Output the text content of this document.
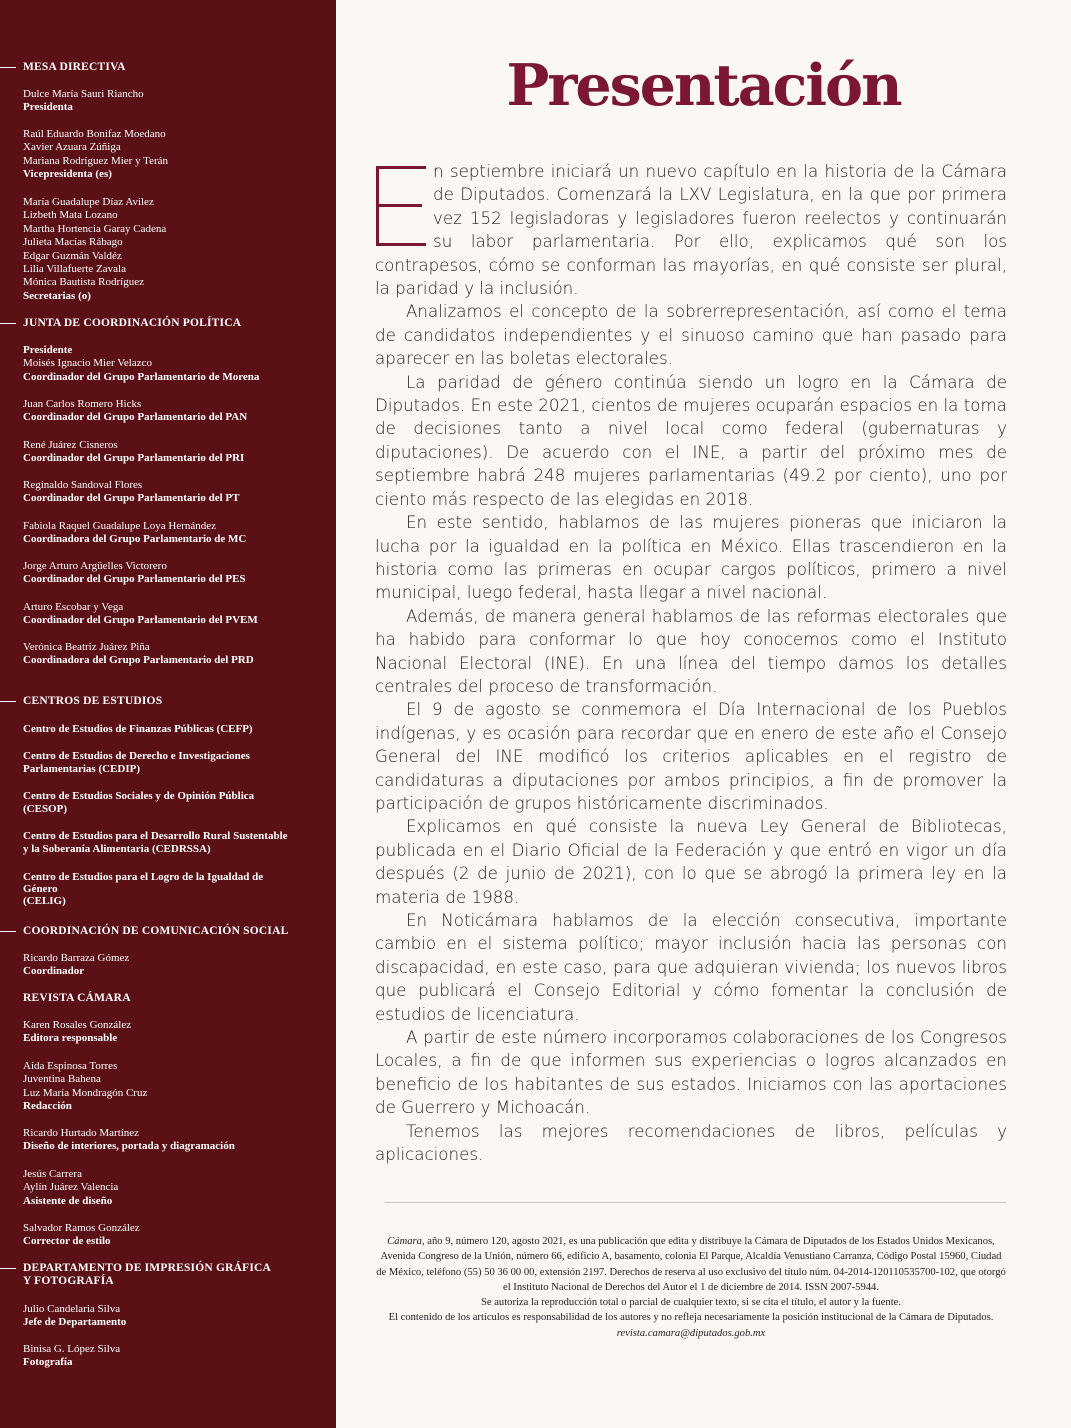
MESA DIRECTIVA
Dulce María Sauri Riancho
Presidenta
Raúl Eduardo Bonifaz Moedano
Xavier Azuara Zúñiga
Mariana Rodríguez Mier y Terán
Vicepresidenta (es)
María Guadalupe Díaz Avilez
Lizbeth Mata Lozano
Martha Hortencia Garay Cadena
Julieta Macías Rábago
Edgar Guzmán Valdéz
Lilia Villafuerte Zavala
Mónica Bautista Rodríguez
Secretarias (o)
JUNTA DE COORDINACIÓN POLÍTICA
Presidente
Moisés Ignacio Mier Velazco
Coordinador del Grupo Parlamentario de Morena
Juan Carlos Romero Hicks
Coordinador del Grupo Parlamentario del PAN
René Juárez Cisneros
Coordinador del Grupo Parlamentario del PRI
Reginaldo Sandoval Flores
Coordinador del Grupo Parlamentario del PT
Fabiola Raquel Guadalupe Loya Hernández
Coordinadora del Grupo Parlamentario de MC
Jorge Arturo Argüelles Victorero
Coordinador del Grupo Parlamentario del PES
Arturo Escobar y Vega
Coordinador del Grupo Parlamentario del PVEM
Verónica Beatriz Juárez Piña
Coordinadora del Grupo Parlamentario del PRD
CENTROS DE ESTUDIOS
Centro de Estudios de Finanzas Públicas (CEFP)
Centro de Estudios de Derecho e Investigaciones
Parlamentarias (CEDIP)
Centro de Estudios Sociales y de Opinión Pública
(CESOP)
Centro de Estudios para el Desarrollo Rural Sustentable
y la Soberanía Alimentaria (CEDRSSA)
Centro de Estudios para el Logro de la Igualdad de
Género
(CELIG)
COORDINACIÓN DE COMUNICACIÓN SOCIAL
Ricardo Barraza Gómez
Coordinador
REVISTA CÁMARA
Karen Rosales González
Editora responsable
Aída Espinosa Torres
Juventina Bahena
Luz María Mondragón Cruz
Redacción
Ricardo Hurtado Martínez
Diseño de interiores, portada y diagramación
Jesús Carrera
Aylín Juárez Valencia
Asistente de diseño
Salvador Ramos González
Corrector de estilo
DEPARTAMENTO DE IMPRESIÓN GRÁFICA
Y FOTOGRAFÍA
Julio Candelaria Silva
Jefe de Departamento
Binisa G. López Silva
Fotografía
Presentación

n septiembre iniciará un nuevo capítulo en la historia de la Cámara de Diputados. Comenzará la LXV Legislatura, en la que por primera vez 152 legisladoras y legisladores fueron reelectos y continuarán su labor parlamentaria. Por ello, explicamos qué son los contrapesos, cómo se conforman las mayorías, en qué consiste ser plural, la paridad y la inclusión.

Analizamos el concepto de la sobrerrepresentación, así como el tema de candidatos independientes y el sinuoso camino que han pasado para aparecer en las boletas electorales.

La paridad de género continúa siendo un logro en la Cámara de Diputados. En este 2021, cientos de mujeres ocuparán espacios en la toma de decisiones tanto a nivel local como federal (gubernaturas y diputaciones). De acuerdo con el INE, a partir del próximo mes de septiembre habrá 248 mujeres parlamentarias (49.2 por ciento), uno por ciento más respecto de las elegidas en 2018.

En este sentido, hablamos de las mujeres pioneras que iniciaron la lucha por la igualdad en la política en México. Ellas trascendieron en la historia como las primeras en ocupar cargos políticos, primero a nivel municipal, luego federal, hasta llegar a nivel nacional.

Además, de manera general hablamos de las reformas electorales que ha habido para conformar lo que hoy conocemos como el Instituto Nacional Electoral (INE). En una línea del tiempo damos los detalles centrales del proceso de transformación.

El 9 de agosto se conmemora el Día Internacional de los Pueblos indígenas, y es ocasión para recordar que en enero de este año el Consejo General del INE modificó los criterios aplicables en el registro de candidaturas a diputaciones por ambos principios, a fin de promover la participación de grupos históricamente discriminados.

Explicamos en qué consiste la nueva Ley General de Bibliotecas, publicada en el Diario Oficial de la Federación y que entró en vigor un día después (2 de junio de 2021), con lo que se abrogó la primera ley en la materia de 1988.

En Noticámara hablamos de la elección consecutiva, importante cambio en el sistema político; mayor inclusión hacia las personas con discapacidad, en este caso, para que adquieran vivienda; los nuevos libros que publicará el Consejo Editorial y cómo fomentar la conclusión de estudios de licenciatura.

A partir de este número incorporamos colaboraciones de los Congresos Locales, a fin de que informen sus experiencias o logros alcanzados en beneficio de los habitantes de sus estados. Iniciamos con las aportaciones de Guerrero y Michoacán.

Tenemos las mejores recomendaciones de libros, películas y aplicaciones.

Cámara, año 9, número 120, agosto 2021, es una publicación que edita y distribuye la Cámara de Diputados de los Estados Unidos Mexicanos, Avenida Congreso de la Unión, número 66, edificio A, basamento, colonia El Parque, Alcaldía Venustiano Carranza, Código Postal 15960, Ciudad de México, teléfono (55) 50 36 00 00, extensión 2197. Derechos de reserva al uso exclusivo del título núm. 04-2014-120110535700-102, que otorgó el Instituto Nacional de Derechos del Autor el 1 de diciembre de 2014. ISSN 2007-5944.

Se autoriza la reproducción total o parcial de cualquier texto, si se cita el título, el autor y la fuente.

El contenido de los artículos es responsabilidad de los autores y no refleja necesariamente la posición institucional de la Cámara de Diputados.

revista.camara@diputados.gob.mx
